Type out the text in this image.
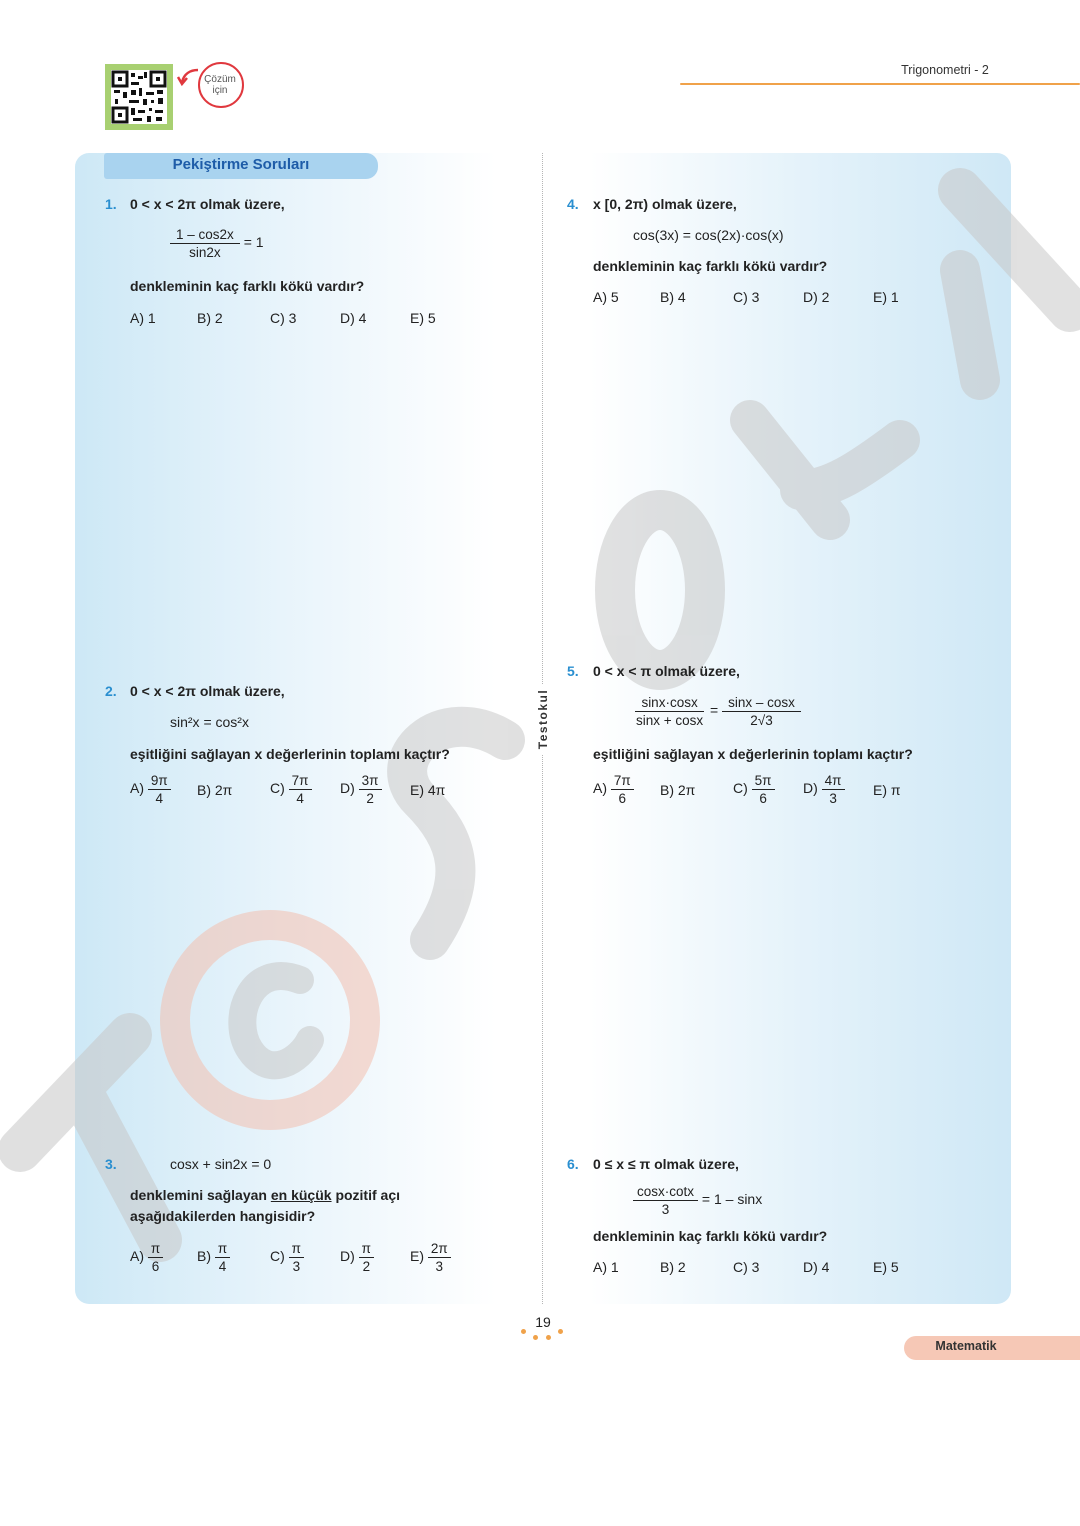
Çözüm
için
Trigonometri - 2
Pekiştirme Soruları
Testokul
1. 0 < x < 2π olmak üzere,
$\frac{1 - \cos 2x}{\sin 2x} = 1$
denkleminin kaç farklı kökü vardır?
A) 1	B) 2	C) 3	D) 4	E) 5
2. 0 < x < 2π olmak üzere,
sin²x = cos²x
eşitliğini sağlayan x değerlerinin toplamı kaçtır?
$A) \frac{9\pi}{4} B$) 2π	$C) \frac{7\pi}{4} D) \frac{3\pi}{2} E$) 4π
3.	cosx + sin2x = 0
denklemini sağlayan en küçük pozitif açı
aşağıdakilerden hangisidir?
$A) \frac{\pi}{6} B) \frac{\pi}{4}$	$C) \frac{\pi}{3}$	$D) \frac{\pi}{2}$	$E) \frac{2\pi}{3}$
4. x [0, 2π) olmak üzere,
cos(3x) = cos(2x)·cos(x)
denkleminin kaç farklı kökü vardır?
A) 5	B) 4	C) 3	D) 2	E) 1
5. 0 < x < π olmak üzere,
$\frac{\sin x\cdot\cos x}{\sin x + \cos x} = \frac{\sin x - \cos x}{2√3}$
eşitliğini sağlayan x değerlerinin toplamı kaçtır?
$A) \frac{7\pi}{6} B$) 2π	$C) \frac{5\pi}{6} D) \frac{4\pi}{3} E$) π
6. 0 ≤ x ≤ π olmak üzere,
$\frac{\cos x\cdot\cot x}{3} = 1 - \sin x$
denkleminin kaç farklı kökü vardır?
A) 1	B) 2	C) 3	D) 4	E) 5
19
Matematik
